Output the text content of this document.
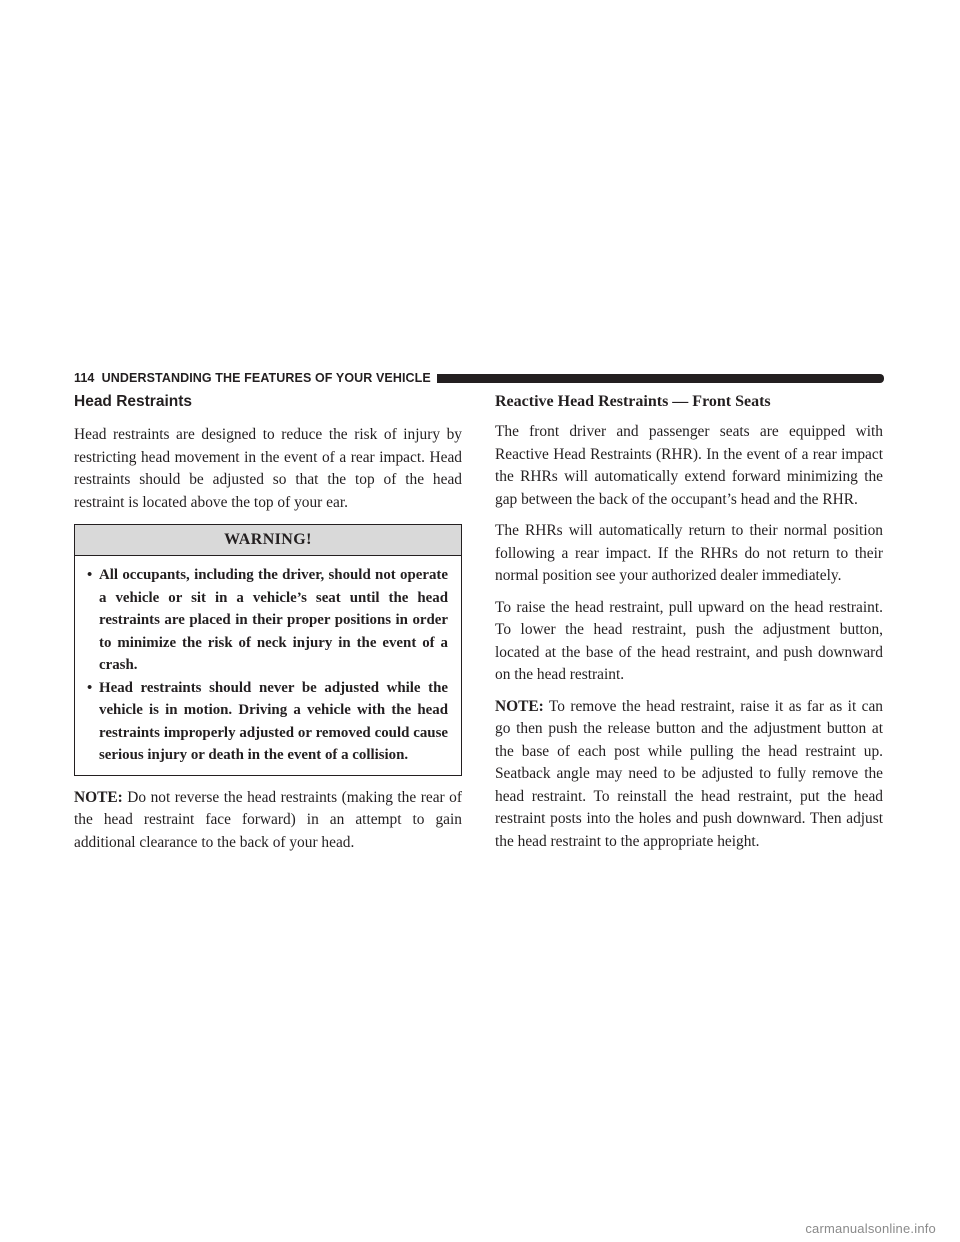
114 UNDERSTANDING THE FEATURES OF YOUR VEHICLE
Head Restraints

Head restraints are designed to reduce the risk of injury by restricting head movement in the event of a rear impact. Head restraints should be adjusted so that the top of the head restraint is located above the top of your ear.

WARNING!
• All occupants, including the driver, should not operate a vehicle or sit in a vehicle’s seat until the head restraints are placed in their proper positions in order to minimize the risk of neck injury in the event of a crash.
• Head restraints should never be adjusted while the vehicle is in motion. Driving a vehicle with the head restraints improperly adjusted or removed could cause serious injury or death in the event of a collision.

NOTE: Do not reverse the head restraints (making the rear of the head restraint face forward) in an attempt to gain additional clearance to the back of your head.

Reactive Head Restraints — Front Seats

The front driver and passenger seats are equipped with Reactive Head Restraints (RHR). In the event of a rear impact the RHRs will automatically extend forward minimizing the gap between the back of the occupant’s head and the RHR.

The RHRs will automatically return to their normal position following a rear impact. If the RHRs do not return to their normal position see your authorized dealer immediately.

To raise the head restraint, pull upward on the head restraint. To lower the head restraint, push the adjustment button, located at the base of the head restraint, and push downward on the head restraint.

NOTE: To remove the head restraint, raise it as far as it can go then push the release button and the adjustment button at the base of each post while pulling the head restraint up. Seatback angle may need to be adjusted to fully remove the head restraint. To reinstall the head restraint, put the head restraint posts into the holes and push downward. Then adjust the head restraint to the appropriate height.

carmanualsonline.info
